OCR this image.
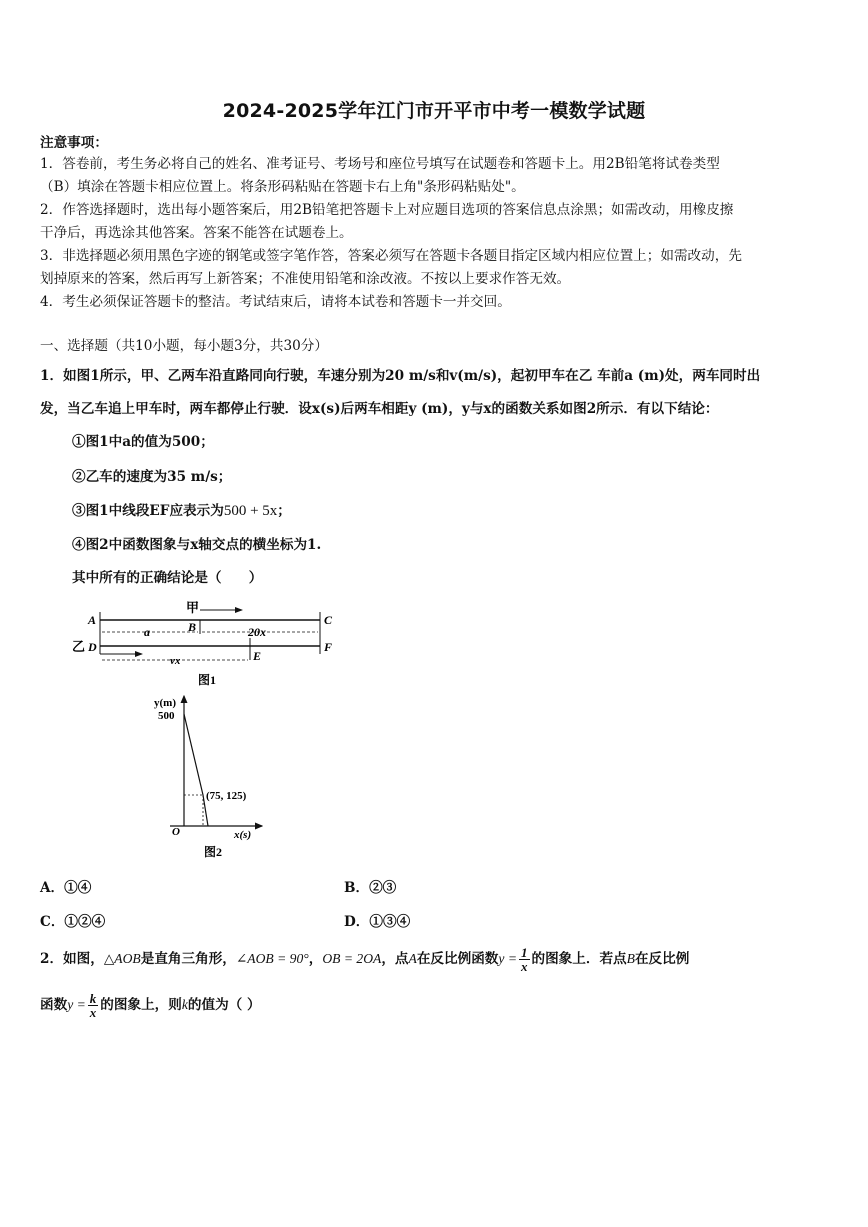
2024-2025学年江门市开平市中考一模数学试题
注意事项：
1．答卷前，考生务必将自己的姓名、准考证号、考场号和座位号填写在试题卷和答题卡上。用2B铅笔将试卷类型
（B）填涂在答题卡相应位置上。将条形码粘贴在答题卡右上角"条形码粘贴处"。
2．作答选择题时，选出每小题答案后，用2B铅笔把答题卡上对应题目选项的答案信息点涂黑；如需改动，用橡皮擦
干净后，再选涂其他答案。答案不能答在试题卷上。
3．非选择题必须用黑色字迹的钢笔或签字笔作答，答案必须写在答题卡各题目指定区域内相应位置上；如需改动，先
划掉原来的答案，然后再写上新答案；不准使用铅笔和涂改液。不按以上要求作答无效。
4．考生必须保证答题卡的整洁。考试结束后，请将本试卷和答题卡一并交回。
一、选择题（共10小题，每小题3分，共30分）
1．如图1所示，甲、乙两车沿直路同向行驶，车速分别为20 m/s和v(m/s)，起初甲车在乙 车前a (m)处，两车同时出
发，当乙车追上甲车时，两车都停止行驶．设x(s)后两车相距y (m)，y与x的函数关系如图2所示．有以下结论：
①图1中a的值为500；
②乙车的速度为35 m/s；
③图1中线段EF应表示为500 + 5x；
④图2中函数图象与x轴交点的横坐标为1.
其中所有的正确结论是（　　）
甲
A	B	C
a	20x
乙 D
E
F
vx
图1
y(m)
500
(75, 125)
O	x(s)
图2
A．①④	B．②③
C．①②④	D．①③④
2．如图，△AOB是直角三角形，∠AOB = 90°，OB = 2OA，点A在反比例函数$y = \frac{1}{x}$ 的图象上．若点B在反比例
函数$y = \frac{k}{x}$ 的图象上，则k的值为（ ）
